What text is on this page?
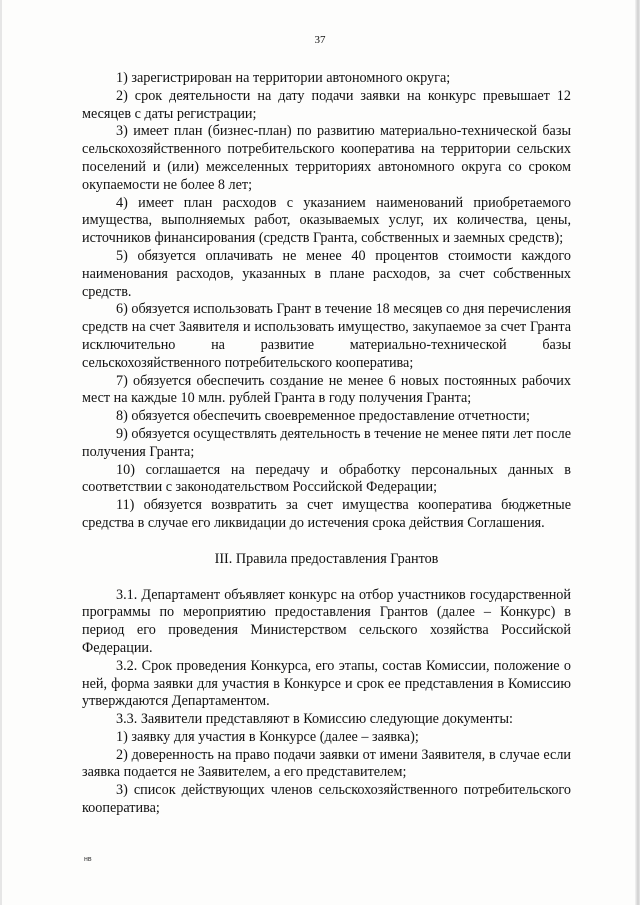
37

1) зарегистрирован на территории автономного округа;

2) срок деятельности на дату подачи заявки на конкурс превышает 12 месяцев с даты регистрации;

3) имеет план (бизнес-план) по развитию материально-технической базы сельскохозяйственного потребительского кооператива на территории сельских поселений и (или) межселенных территориях автономного округа со сроком окупаемости не более 8 лет;

4) имеет план расходов с указанием наименований приобретаемого имущества, выполняемых работ, оказываемых услуг, их количества, цены, источников финансирования (средств Гранта, собственных и заемных средств);

5) обязуется оплачивать не менее 40 процентов стоимости каждого наименования расходов, указанных в плане расходов, за счет собственных средств.

6) обязуется использовать Грант в течение 18 месяцев со дня перечисления средств на счет Заявителя и использовать имущество, закупаемое за счет Гранта исключительно на развитие материально-технической базы сельскохозяйственного потребительского кооператива;

7) обязуется обеспечить создание не менее 6 новых постоянных рабочих мест на каждые 10 млн. рублей Гранта в году получения Гранта;

8) обязуется обеспечить своевременное предоставление отчетности;

9) обязуется осуществлять деятельность в течение не менее пяти лет после получения Гранта;

10) соглашается на передачу и обработку персональных данных в соответствии с законодательством Российской Федерации;

11) обязуется возвратить за счет имущества кооператива бюджетные средства в случае его ликвидации до истечения срока действия Соглашения.

III. Правила предоставления Грантов

3.1. Департамент объявляет конкурс на отбор участников государственной программы по мероприятию предоставления Грантов (далее – Конкурс) в период его проведения Министерством сельского хозяйства Российской Федерации.

3.2. Срок проведения Конкурса, его этапы, состав Комиссии, положение о ней, форма заявки для участия в Конкурсе и срок ее представления в Комиссию утверждаются Департаментом.

3.3. Заявители представляют в Комиссию следующие документы:

1) заявку для участия в Конкурсе (далее – заявка);

2) доверенность на право подачи заявки от имени Заявителя, в случае если заявка подается не Заявителем, а его представителем;

3) список действующих членов сельскохозяйственного потребительского кооператива;

нв
